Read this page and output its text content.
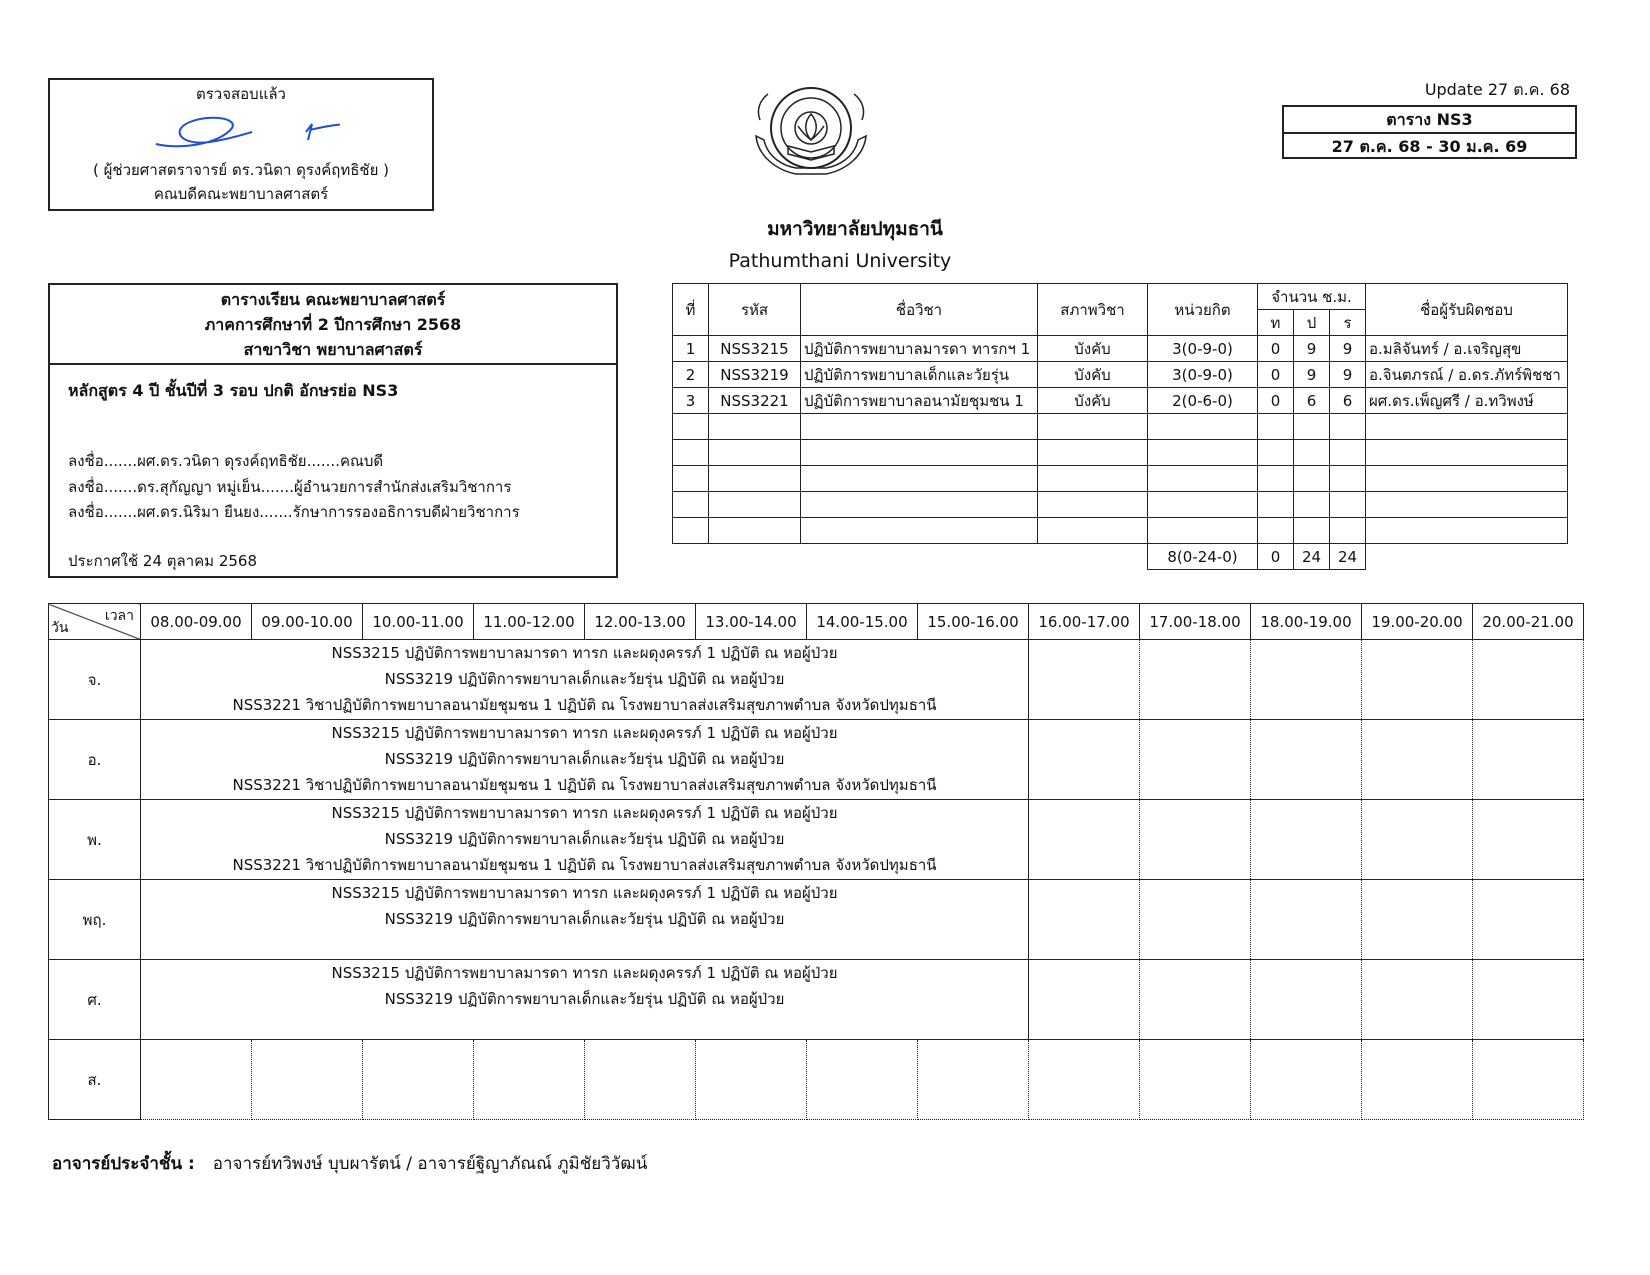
ตรวจสอบแล้ว
( ผู้ช่วยศาสตราจารย์ ดร.วนิดา ดุรงค์ฤทธิชัย )
คณบดีคณะพยาบาลศาสตร์
Update 27 ต.ค. 68
ตาราง NS3
27 ต.ค. 68 - 30 ม.ค. 69
มหาวิทยาลัยปทุมธานี
Pathumthani University
ตารางเรียน คณะพยาบาลศาสตร์
ภาคการศึกษาที่ 2 ปีการศึกษา 2568
สาขาวิชา พยาบาลศาสตร์
หลักสูตร 4 ปี ชั้นปีที่ 3 รอบ ปกติ อักษรย่อ NS3
ลงชื่อ.......ผศ.ดร.วนิดา ดุรงค์ฤทธิชัย.......คณบดี
ลงชื่อ.......ดร.สุกัญญา หมู่เย็น.......ผู้อำนวยการสำนักส่งเสริมวิชาการ
ลงชื่อ.......ผศ.ดร.นิริมา ยืนยง.......รักษาการรองอธิการบดีฝ่ายวิชาการ
ประกาศใช้ 24 ตุลาคม 2568
ที่	รหัส	ชื่อวิชา	สภาพวิชา	หน่วยกิต	จำนวน ช.ม.			ชื่อผู้รับผิดชอบ
					ท	ป	ร	
1	NSS3215	ปฏิบัติการพยาบาลมารดา ทารกฯ 1	บังคับ	3(0-9-0)	0	9	9	อ.มลิจันทร์ / อ.เจริญสุข
2	NSS3219	ปฏิบัติการพยาบาลเด็กและวัยรุ่น	บังคับ	3(0-9-0)	0	9	9	อ.จินตภรณ์ / อ.ดร.ภัทร์พิชชา
3	NSS3221	ปฏิบัติการพยาบาลอนามัยชุมชน 1	บังคับ	2(0-6-0)	0	6	6	ผศ.ดร.เพ็ญศรี / อ.ทวิพงษ์

				8(0-24-0)	0	24	24	
เวลา
วัน	08.00-09.00	09.00-10.00	10.00-11.00	11.00-12.00	12.00-13.00	13.00-14.00	14.00-15.00	15.00-16.00	16.00-17.00	17.00-18.00	18.00-19.00	19.00-20.00	20.00-21.00
จ.	NSS3215 ปฏิบัติการพยาบาลมารดา ทารก และผดุงครรภ์ 1 ปฏิบัติ ณ หอผู้ป่วย
NSS3219 ปฏิบัติการพยาบาลเด็กและวัยรุ่น ปฏิบัติ ณ หอผู้ป่วย
NSS3221 วิชาปฏิบัติการพยาบาลอนามัยชุมชน 1 ปฏิบัติ ณ โรงพยาบาลส่งเสริมสุขภาพตำบล จังหวัดปทุมธานี												

อ.	NSS3215 ปฏิบัติการพยาบาลมารดา ทารก และผดุงครรภ์ 1 ปฏิบัติ ณ หอผู้ป่วย
NSS3219 ปฏิบัติการพยาบาลเด็กและวัยรุ่น ปฏิบัติ ณ หอผู้ป่วย
NSS3221 วิชาปฏิบัติการพยาบาลอนามัยชุมชน 1 ปฏิบัติ ณ โรงพยาบาลส่งเสริมสุขภาพตำบล จังหวัดปทุมธานี												

พ.	NSS3215 ปฏิบัติการพยาบาลมารดา ทารก และผดุงครรภ์ 1 ปฏิบัติ ณ หอผู้ป่วย
NSS3219 ปฏิบัติการพยาบาลเด็กและวัยรุ่น ปฏิบัติ ณ หอผู้ป่วย
NSS3221 วิชาปฏิบัติการพยาบาลอนามัยชุมชน 1 ปฏิบัติ ณ โรงพยาบาลส่งเสริมสุขภาพตำบล จังหวัดปทุมธานี												

พฤ.	NSS3215 ปฏิบัติการพยาบาลมารดา ทารก และผดุงครรภ์ 1 ปฏิบัติ ณ หอผู้ป่วย
NSS3219 ปฏิบัติการพยาบาลเด็กและวัยรุ่น ปฏิบัติ ณ หอผู้ป่วย												

ศ.	NSS3215 ปฏิบัติการพยาบาลมารดา ทารก และผดุงครรภ์ 1 ปฏิบัติ ณ หอผู้ป่วย
NSS3219 ปฏิบัติการพยาบาลเด็กและวัยรุ่น ปฏิบัติ ณ หอผู้ป่วย												

ส.													
อาจารย์ประจำชั้น : อาจารย์ทวิพงษ์ บุบผารัตน์ / อาจารย์ฐิญาภัณณ์ ภูมิชัยวิวัฒน์
